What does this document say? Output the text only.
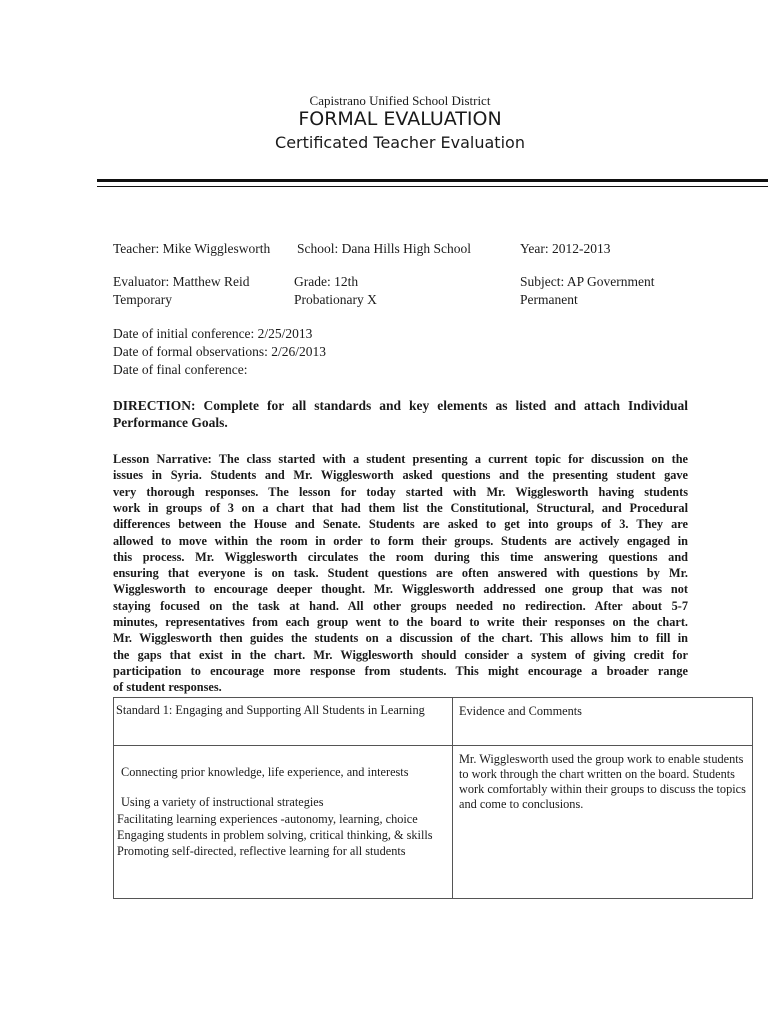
Capistrano Unified School District
FORMAL EVALUATION
Certificated Teacher Evaluation
Teacher: Mike Wigglesworth School: Dana Hills High School	Year: 2012-2013
Evaluator: Matthew Reid	Grade: 12th	Subject: AP Government
Temporary	Probationary X	Permanent
Date of initial conference: 2/25/2013
Date of formal observations: 2/26/2013
Date of final conference:
DIRECTION: Complete for all standards and key elements as listed and attach Individual Performance Goals.
Lesson Narrative: The class started with a student presenting a current topic for discussion on the
issues in Syria. Students and Mr. Wigglesworth asked questions and the presenting student gave
very thorough responses. The lesson for today started with Mr. Wigglesworth having students
work in groups of 3 on a chart that had them list the Constitutional, Structural, and Procedural
differences between the House and Senate. Students are asked to get into groups of 3. They are
allowed to move within the room in order to form their groups. Students are actively engaged in
this process. Mr. Wigglesworth circulates the room during this time answering questions and
ensuring that everyone is on task. Student questions are often answered with questions by Mr.
Wigglesworth to encourage deeper thought. Mr. Wigglesworth addressed one group that was not
staying focused on the task at hand. All other groups needed no redirection. After about 5-7
minutes, representatives from each group went to the board to write their responses on the chart.
Mr. Wigglesworth then guides the students on a discussion of the chart. This allows him to fill in
the gaps that exist in the chart. Mr. Wigglesworth should consider a system of giving credit for
participation to encourage more response from students. This might encourage a broader range
of student responses.
Standard 1: Engaging and Supporting All Students in Learning	Evidence and Comments

Connecting prior knowledge, life experience, and interests
Using a variety of instructional strategies
Facilitating learning experiences -autonomy, learning, choice
Engaging students in problem solving, critical thinking, & skills
Promoting self-directed, reflective learning for all students	Mr. Wigglesworth used the group work to enable students to work through the chart written on the board. Students work comfortably within their groups to discuss the topics and come to conclusions.
